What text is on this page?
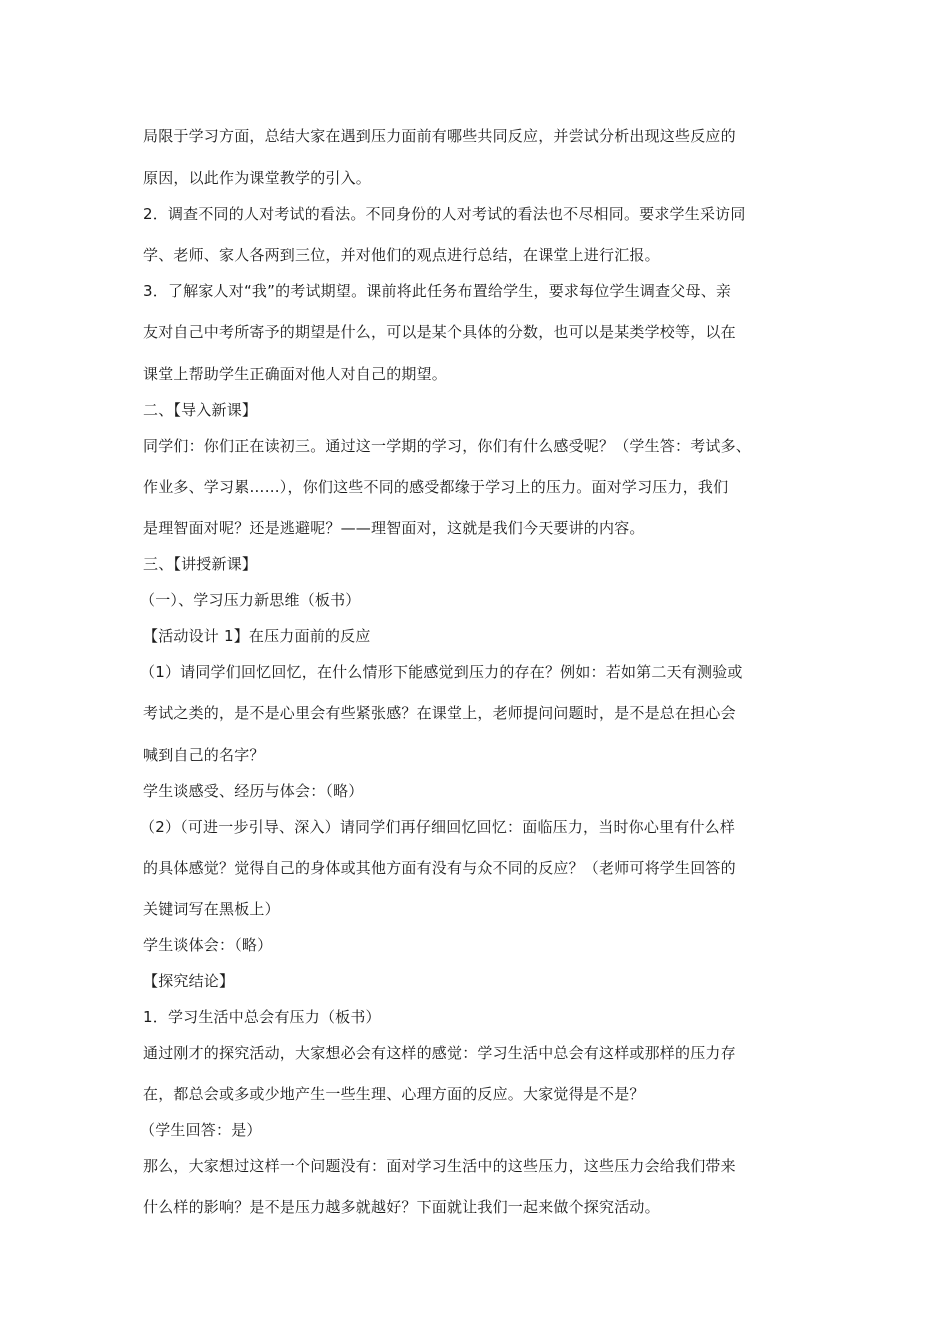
局限于学习方面，总结大家在遇到压力面前有哪些共同反应，并尝试分析出现这些反应的
原因，以此作为课堂教学的引入。
2．调查不同的人对考试的看法。不同身份的人对考试的看法也不尽相同。要求学生采访同
学、老师、家人各两到三位，并对他们的观点进行总结，在课堂上进行汇报。
3．了解家人对“我”的考试期望。课前将此任务布置给学生，要求每位学生调查父母、亲
友对自己中考所寄予的期望是什么，可以是某个具体的分数，也可以是某类学校等，以在
课堂上帮助学生正确面对他人对自己的期望。
二、【导入新课】
同学们：你们正在读初三。通过这一学期的学习，你们有什么感受呢？（学生答：考试多、
作业多、学习累……），你们这些不同的感受都缘于学习上的压力。面对学习压力，我们
是理智面对呢？还是逃避呢？——理智面对，这就是我们今天要讲的内容。
三、【讲授新课】
（一）、学习压力新思维（板书）
【活动设计 1】在压力面前的反应
（1）请同学们回忆回忆，在什么情形下能感觉到压力的存在？例如：若如第二天有测验或
考试之类的，是不是心里会有些紧张感？在课堂上，老师提问问题时，是不是总在担心会
喊到自己的名字？
学生谈感受、经历与体会：（略）
（2）（可进一步引导、深入）请同学们再仔细回忆回忆：面临压力，当时你心里有什么样
的具体感觉？觉得自己的身体或其他方面有没有与众不同的反应？（老师可将学生回答的
关键词写在黑板上）
学生谈体会：（略）
【探究结论】
1．学习生活中总会有压力（板书）
通过刚才的探究活动，大家想必会有这样的感觉：学习生活中总会有这样或那样的压力存
在，都总会或多或少地产生一些生理、心理方面的反应。大家觉得是不是？
（学生回答：是）
那么，大家想过这样一个问题没有：面对学习生活中的这些压力，这些压力会给我们带来
什么样的影响？是不是压力越多就越好？下面就让我们一起来做个探究活动。
